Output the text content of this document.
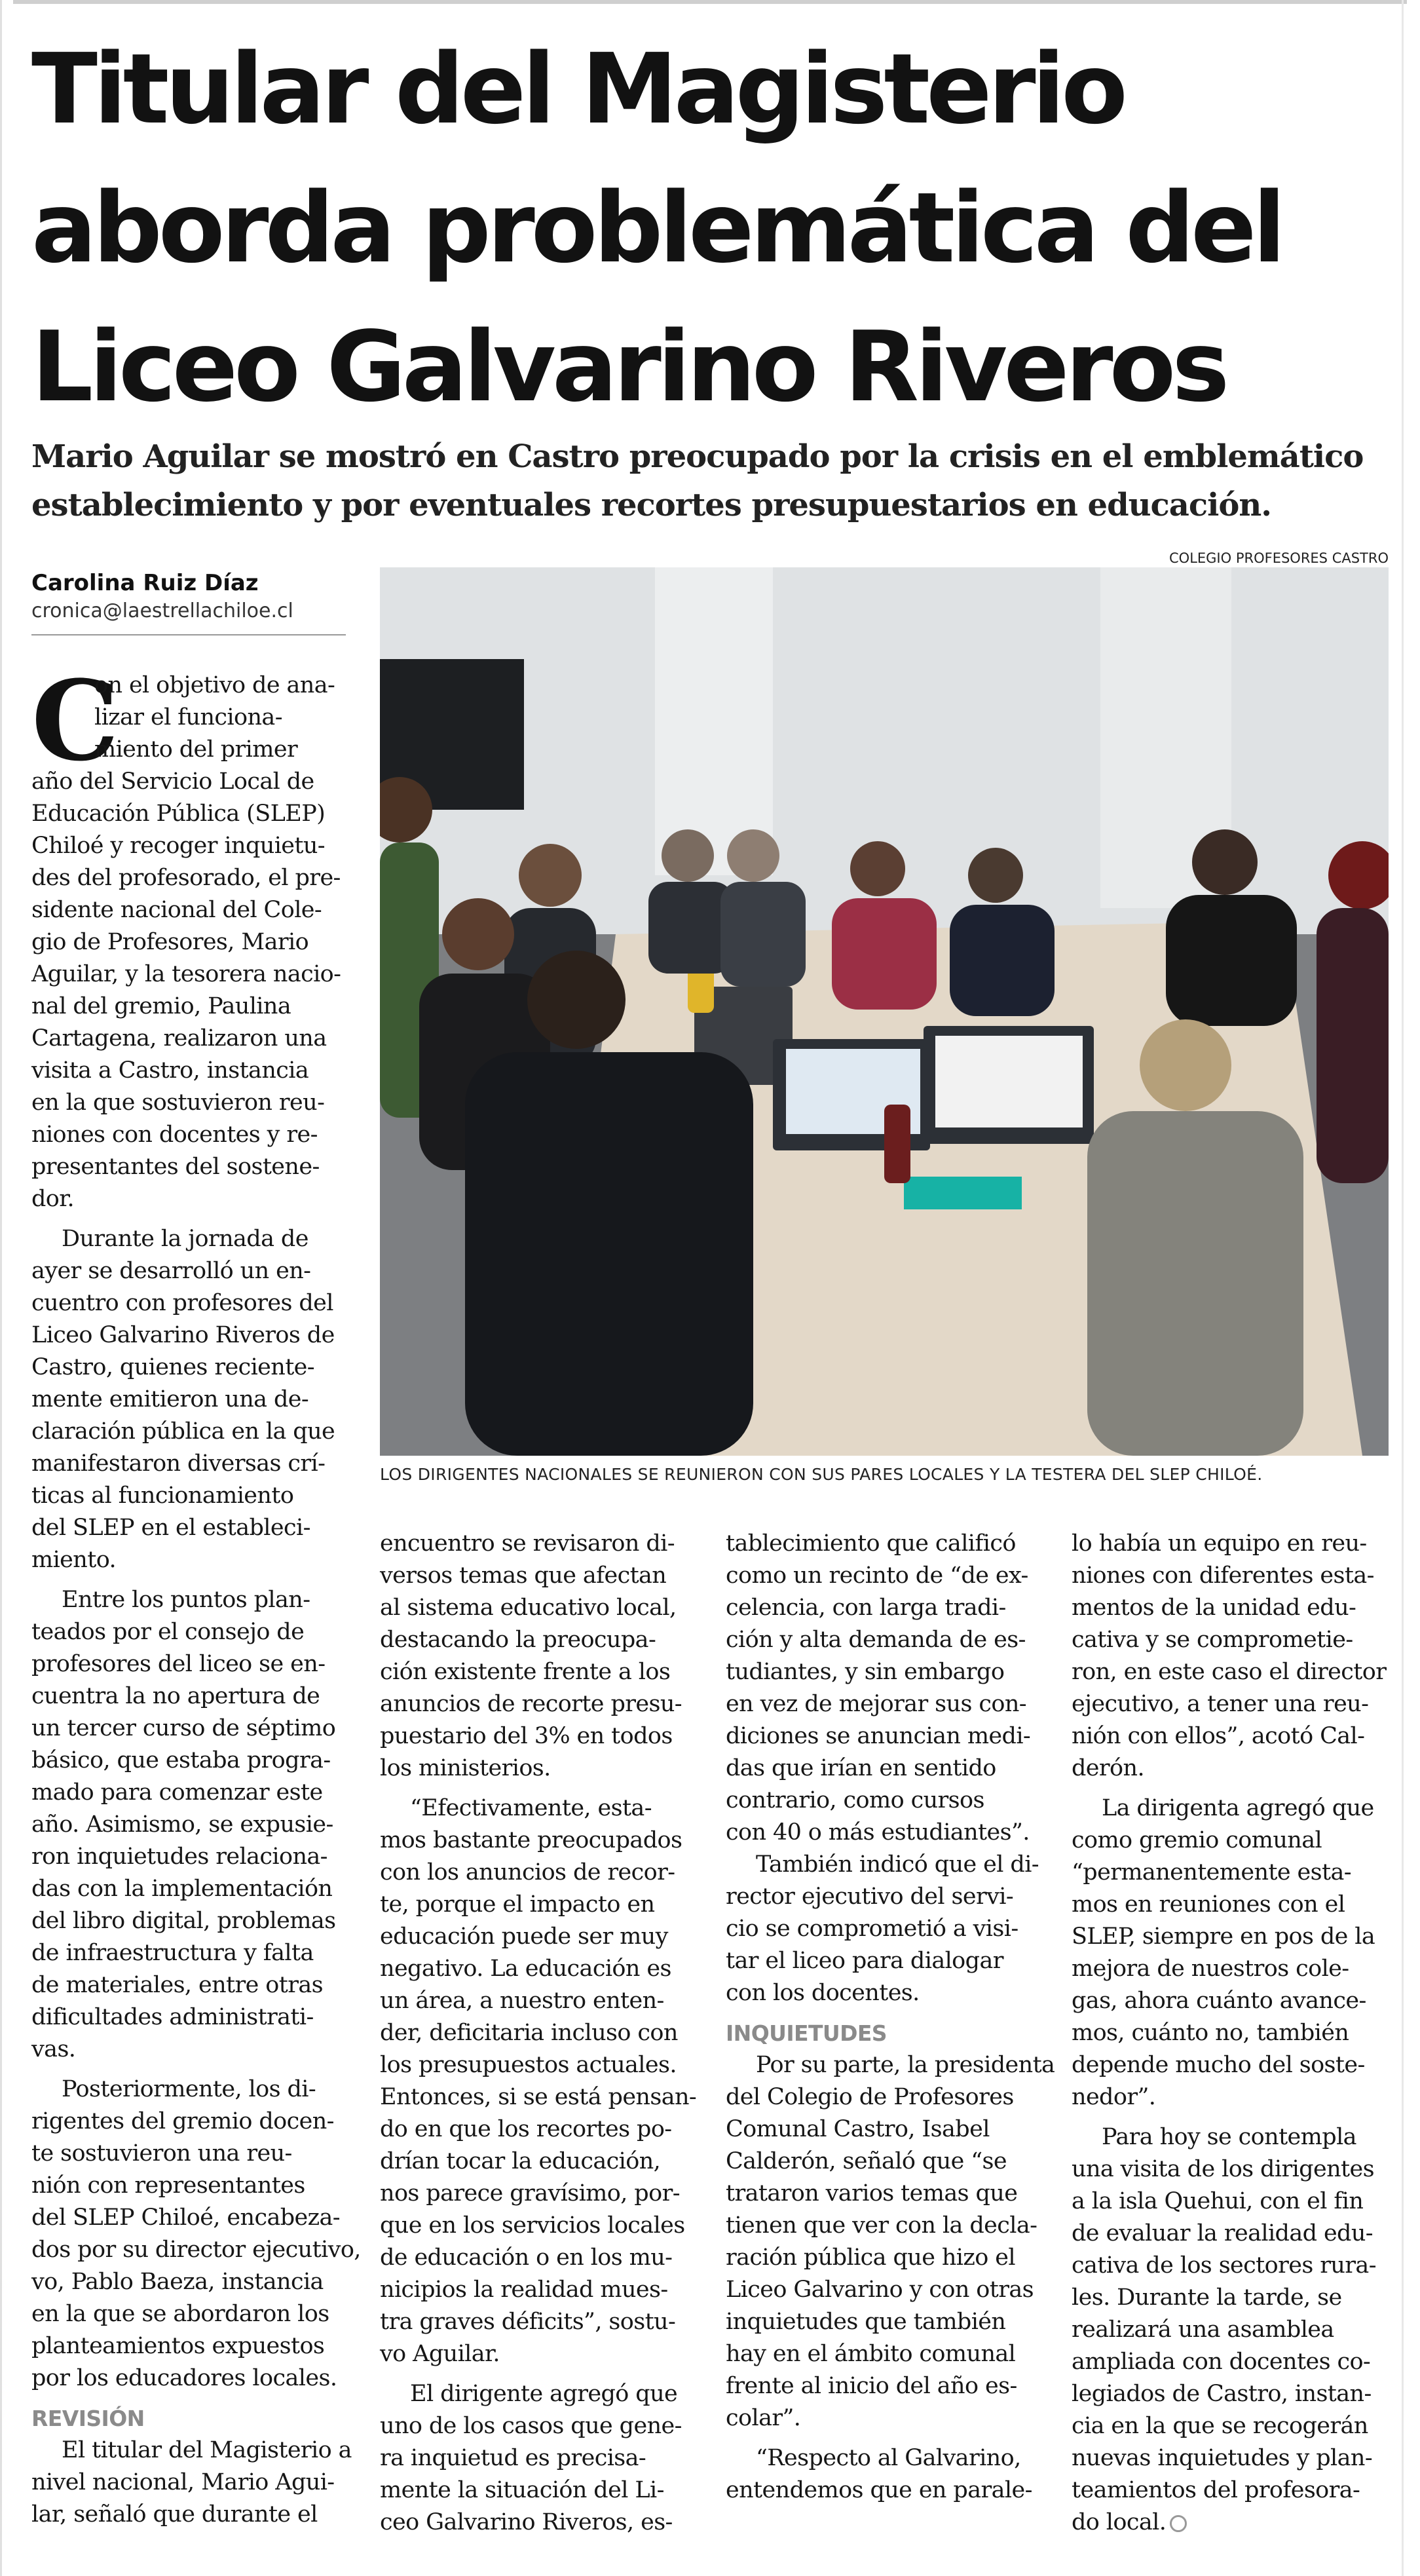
Titular del Magisterio
aborda problemática del
Liceo Galvarino Riveros
Mario Aguilar se mostró en Castro preocupado por la crisis en el emblemático
establecimiento y por eventuales recortes presupuestarios en educación.
COLEGIO PROFESORES CASTRO
Carolina Ruiz Díaz
cronica@laestrellachiloe.cl
LOS DIRIGENTES NACIONALES SE REUNIERON CON SUS PARES LOCALES Y LA TESTERA DEL SLEP CHILOÉ.
C
on el objetivo de ana-
lizar el funciona-
miento del primer
año del Servicio Local de
Educación Pública (SLEP)
Chiloé y recoger inquietu-
des del profesorado, el pre-
sidente nacional del Cole-
gio de Profesores, Mario
Aguilar, y la tesorera nacio-
nal del gremio, Paulina
Cartagena, realizaron una
visita a Castro, instancia
en la que sostuvieron reu-
niones con docentes y re-
presentantes del sostene-
dor.
Durante la jornada de
ayer se desarrolló un en-
cuentro con profesores del
Liceo Galvarino Riveros de
Castro, quienes reciente-
mente emitieron una de-
claración pública en la que
manifestaron diversas crí-
ticas al funcionamiento
del SLEP en el estableci-
miento.
Entre los puntos plan-
teados por el consejo de
profesores del liceo se en-
cuentra la no apertura de
un tercer curso de séptimo
básico, que estaba progra-
mado para comenzar este
año. Asimismo, se expusie-
ron inquietudes relaciona-
das con la implementación
del libro digital, problemas
de infraestructura y falta
de materiales, entre otras
dificultades administrati-
vas.
Posteriormente, los di-
rigentes del gremio docen-
te sostuvieron una reu-
nión con representantes
del SLEP Chiloé, encabeza-
dos por su director ejecutivo,
vo, Pablo Baeza, instancia
en la que se abordaron los
planteamientos expuestos
por los educadores locales.
REVISIÓN
El titular del Magisterio a
nivel nacional, Mario Agui-
lar, señaló que durante el
encuentro se revisaron di-
versos temas que afectan
al sistema educativo local,
destacando la preocupa-
ción existente frente a los
anuncios de recorte presu-
puestario del 3% en todos
los ministerios.
“Efectivamente, esta-
mos bastante preocupados
con los anuncios de recor-
te, porque el impacto en
educación puede ser muy
negativo. La educación es
un área, a nuestro enten-
der, deficitaria incluso con
los presupuestos actuales.
Entonces, si se está pensan-
do en que los recortes po-
drían tocar la educación,
nos parece gravísimo, por-
que en los servicios locales
de educación o en los mu-
nicipios la realidad mues-
tra graves déficits”, sostu-
vo Aguilar.
El dirigente agregó que
uno de los casos que gene-
ra inquietud es precisa-
mente la situación del Li-
ceo Galvarino Riveros, es-
tablecimiento que calificó
como un recinto de “de ex-
celencia, con larga tradi-
ción y alta demanda de es-
tudiantes, y sin embargo
en vez de mejorar sus con-
diciones se anuncian medi-
das que irían en sentido
contrario, como cursos
con 40 o más estudiantes”.
También indicó que el di-
rector ejecutivo del servi-
cio se comprometió a visi-
tar el liceo para dialogar
con los docentes.
INQUIETUDES
Por su parte, la presidenta
del Colegio de Profesores
Comunal Castro, Isabel
Calderón, señaló que “se
trataron varios temas que
tienen que ver con la decla-
ración pública que hizo el
Liceo Galvarino y con otras
inquietudes que también
hay en el ámbito comunal
frente al inicio del año es-
colar”.
“Respecto al Galvarino,
entendemos que en parale-
lo había un equipo en reu-
niones con diferentes esta-
mentos de la unidad edu-
cativa y se comprometie-
ron, en este caso el director
ejecutivo, a tener una reu-
nión con ellos”, acotó Cal-
derón.
La dirigenta agregó que
como gremio comunal
“permanentemente esta-
mos en reuniones con el
SLEP, siempre en pos de la
mejora de nuestros cole-
gas, ahora cuánto avance-
mos, cuánto no, también
depende mucho del soste-
nedor”.
Para hoy se contempla
una visita de los dirigentes
a la isla Quehui, con el fin
de evaluar la realidad edu-
cativa de los sectores rura-
les. Durante la tarde, se
realizará una asamblea
ampliada con docentes co-
legiados de Castro, instan-
cia en la que se recogerán
nuevas inquietudes y plan-
teamientos del profesora-
do local.
